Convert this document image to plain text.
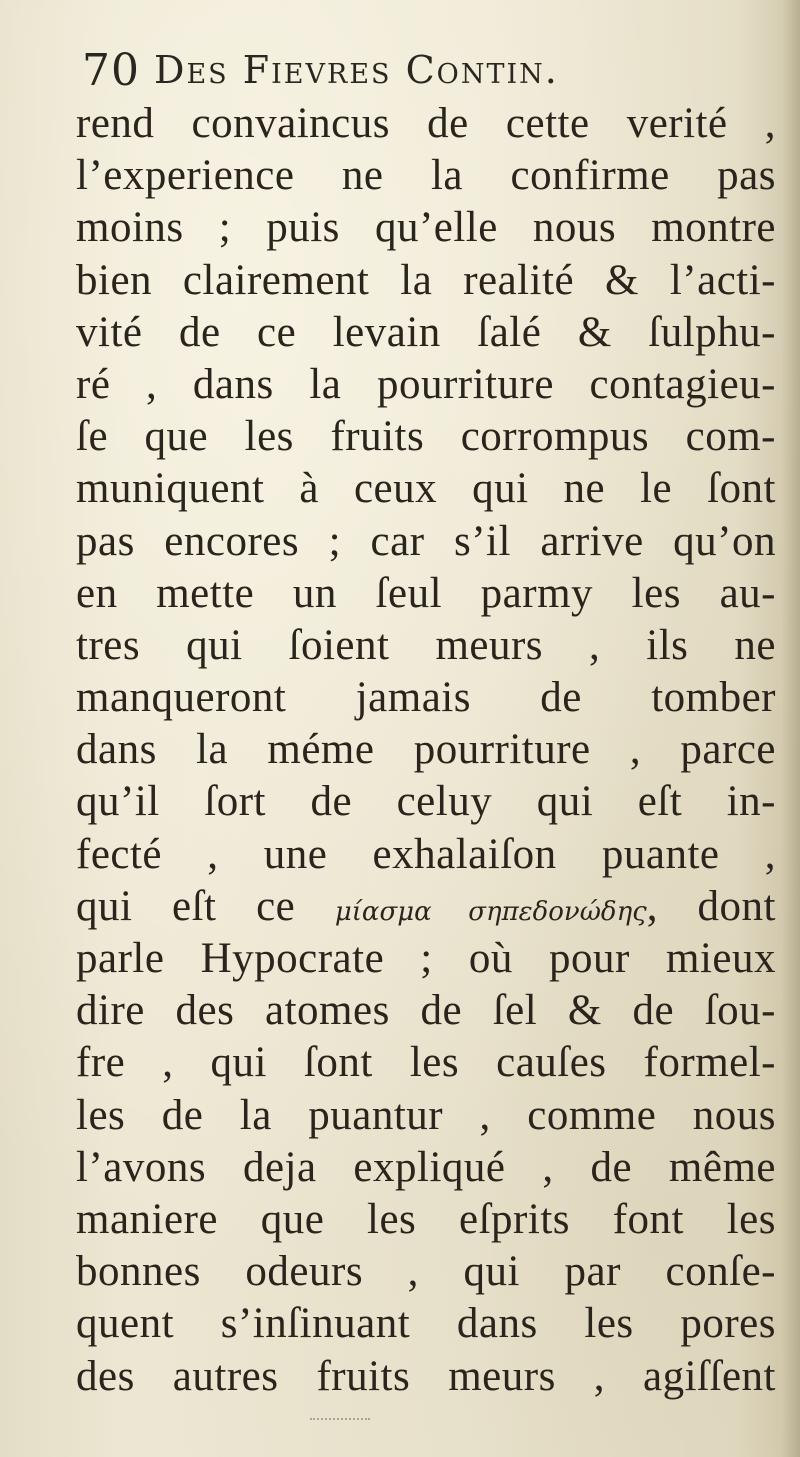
70 Des Fievres Contin.
rend convaincus de cette verité ,
l’experience ne la confirme pas
moins ; puis qu’elle nous montre
bien clairement la realité & l’acti-
vité de ce levain ſalé & ſulphu-
ré , dans la pourriture contagieu-
ſe que les fruits corrompus com-
muniquent à ceux qui ne le ſont
pas encores ; car s’il arrive qu’on
en mette un ſeul parmy les au-
tres qui ſoient meurs , ils ne
manqueront jamais de tomber
dans la méme pourriture , parce
qu’il ſort de celuy qui eſt in-
fecté , une exhalaiſon puante ,
qui eſt ce μίασμα σηπεδονώδης, dont
parle Hypocrate ; où pour mieux
dire des atomes de ſel & de ſou-
fre , qui ſont les cauſes formel-
les de la puantur , comme nous
l’avons deja expliqué , de même
maniere que les eſprits font les
bonnes odeurs , qui par conſe-
quent s’inſinuant dans les pores
des autres fruits meurs , agiſſent
